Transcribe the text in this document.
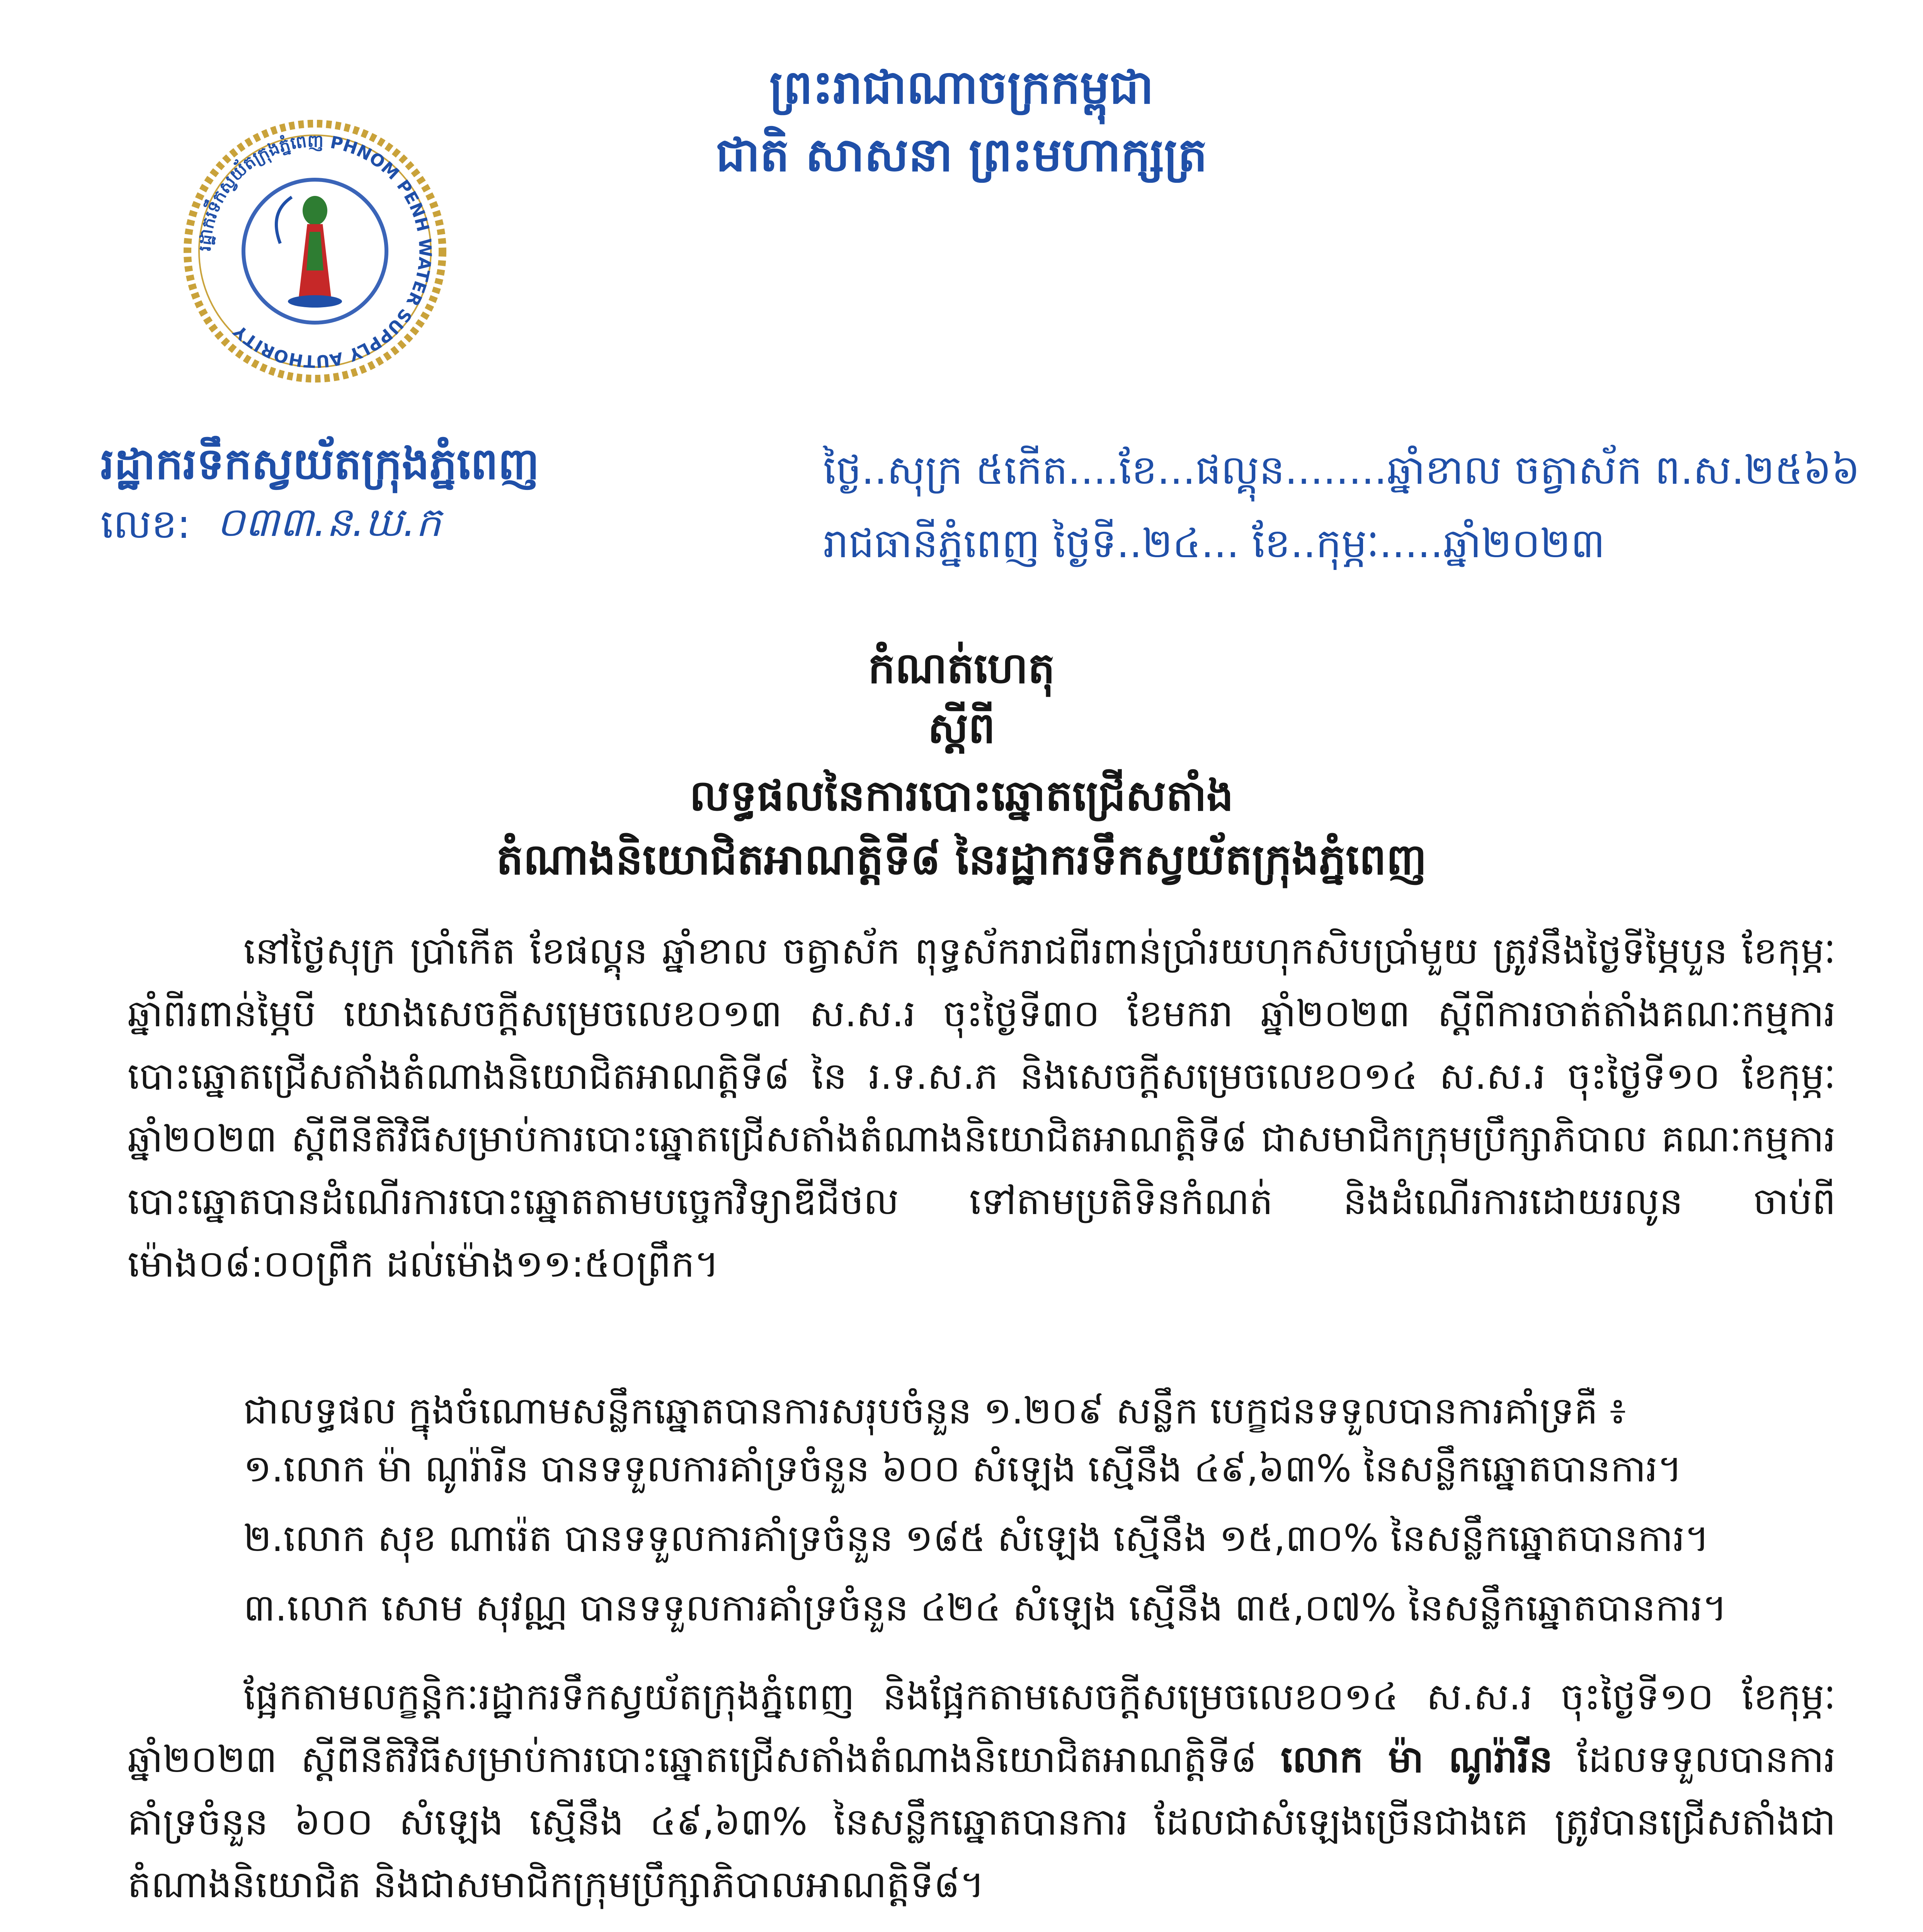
ព្រះរាជាណាចក្រកម្ពុជា
ជាតិ សាសនា ព្រះមហាក្សត្រ
រដ្ឋាករទឹកស្វយ័តក្រុងភ្នំពេញ PHNOM PENH WATER SUPPLY AUTHORITY
រដ្ឋាករទឹកស្វយ័តក្រុងភ្នំពេញ
លេខ: ០៣៣.ន.ឃ.ក
ថ្ងៃ..សុក្រ ៥កើត....ខែ...ផល្គុន........ឆ្នាំខាល ចត្វាស័ក ព.ស.២៥៦៦
រាជធានីភ្នំពេញ ថ្ងៃទី..២៤... ខែ..កុម្ភៈ.....ឆ្នាំ២០២៣
កំណត់ហេតុ
ស្តីពី
លទ្ធផលនៃការបោះឆ្នោតជ្រើសតាំង
តំណាងនិយោជិតអាណត្តិទី៨ នៃរដ្ឋាករទឹកស្វយ័តក្រុងភ្នំពេញ
នៅថ្ងៃសុក្រ ប្រាំកើត ខែផល្គុន ឆ្នាំខាល ចត្វាស័ក ពុទ្ធស័ករាជពីរពាន់ប្រាំរយហុកសិបប្រាំមួយ ត្រូវនឹងថ្ងៃទីម្ភៃបួន ខែកុម្ភៈ ឆ្នាំពីរពាន់ម្ភៃបី យោងសេចក្តីសម្រេចលេខ០១៣ ស.ស.រ ចុះថ្ងៃទី៣០ ខែមករា ឆ្នាំ២០២៣ ស្តីពីការចាត់តាំងគណៈកម្មការបោះឆ្នោតជ្រើសតាំងតំណាងនិយោជិតអាណត្តិទី៨ នៃ រ.ទ.ស.ភ និងសេចក្តីសម្រេចលេខ០១៤ ស.ស.រ ចុះថ្ងៃទី១០ ខែកុម្ភៈ ឆ្នាំ២០២៣ ស្តីពីនីតិវិធីសម្រាប់ការបោះឆ្នោតជ្រើសតាំងតំណាងនិយោជិតអាណត្តិទី៨ ជាសមាជិកក្រុមប្រឹក្សាភិបាល គណៈកម្មការបោះឆ្នោតបានដំណើរការបោះឆ្នោតតាមបច្ចេកវិទ្យាឌីជីថល ទៅតាមប្រតិទិនកំណត់ និងដំណើរការដោយរលូន ចាប់ពីម៉ោង០៨:០០ព្រឹក ដល់ម៉ោង១១:៥០ព្រឹក។
ជាលទ្ធផល ក្នុងចំណោមសន្លឹកឆ្នោតបានការសរុបចំនួន ១.២០៩ សន្លឹក បេក្ខជនទទួលបានការគាំទ្រគឺ ៖
១.លោក ម៉ា ណូរ៉ារីន បានទទួលការគាំទ្រចំនួន ៦០០ សំឡេង ស្មើនឹង ៤៩,៦៣% នៃសន្លឹកឆ្នោតបានការ។
២.លោក សុខ ណារ៉េត បានទទួលការគាំទ្រចំនួន ១៨៥ សំឡេង ស្មើនឹង ១៥,៣០% នៃសន្លឹកឆ្នោតបានការ។
៣.លោក សោម សុវណ្ណ បានទទួលការគាំទ្រចំនួន ៤២៤ សំឡេង ស្មើនឹង ៣៥,០៧% នៃសន្លឹកឆ្នោតបានការ។
ផ្អែកតាមលក្ខន្តិកៈរដ្ឋាករទឹកស្វយ័តក្រុងភ្នំពេញ និងផ្អែកតាមសេចក្តីសម្រេចលេខ០១៤ ស.ស.រ ចុះថ្ងៃទី១០ ខែកុម្ភៈ ឆ្នាំ២០២៣ ស្តីពីនីតិវិធីសម្រាប់ការបោះឆ្នោតជ្រើសតាំងតំណាងនិយោជិតអាណត្តិទី៨ លោក ម៉ា ណូរ៉ារីន ដែលទទួលបានការគាំទ្រចំនួន ៦០០ សំឡេង ស្មើនឹង ៤៩,៦៣% នៃសន្លឹកឆ្នោតបានការ ដែលជាសំឡេងច្រើនជាងគេ ត្រូវបានជ្រើសតាំងជាតំណាងនិយោជិត និងជាសមាជិកក្រុមប្រឹក្សាភិបាលអាណត្តិទី៨។
